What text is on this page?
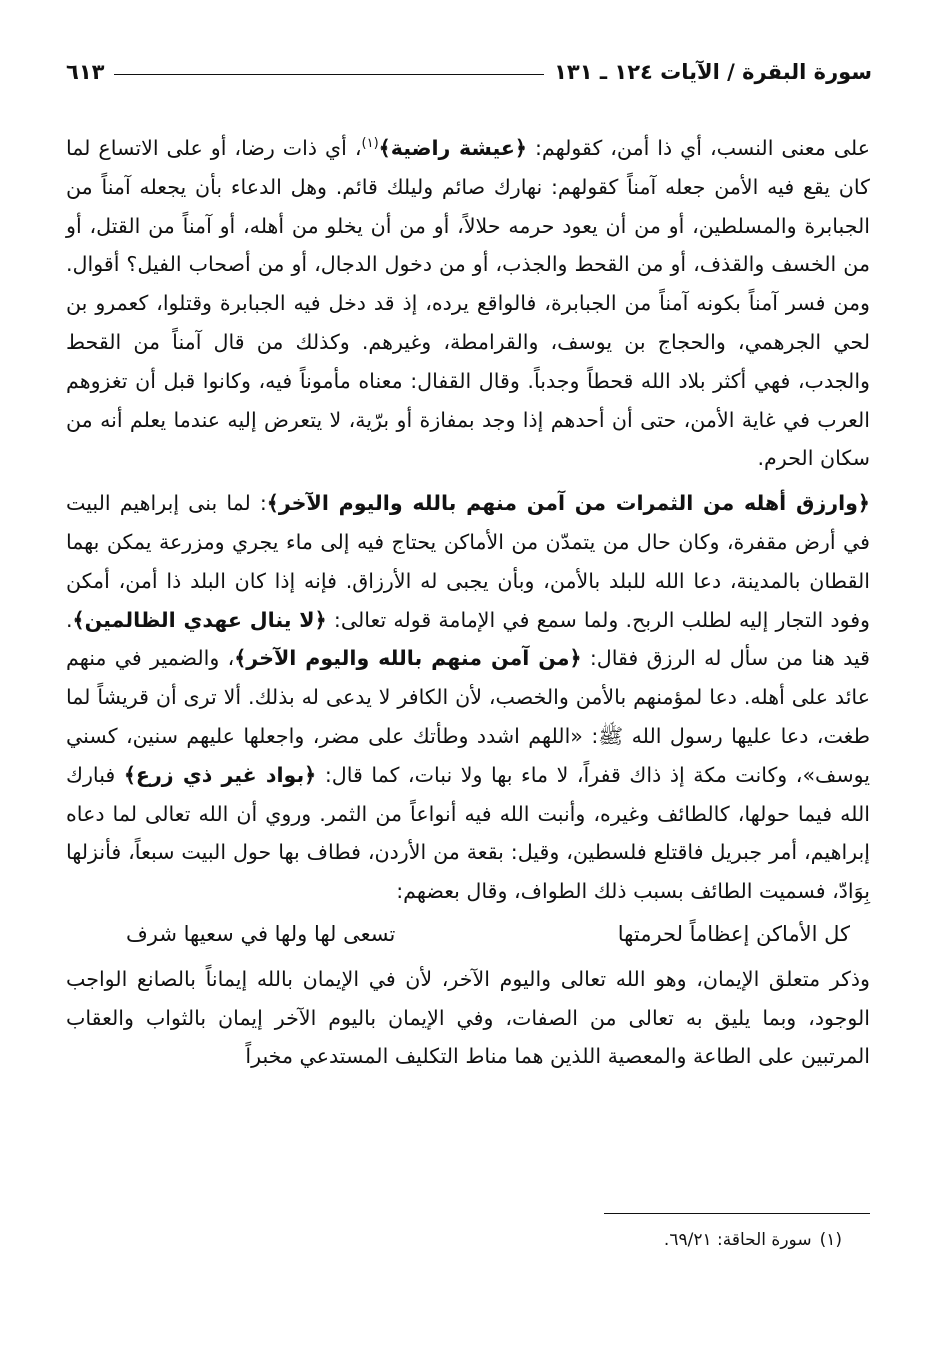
سورة البقرة / الآيات ١٢٤ ـ ١٣١
٦١٣

على معنى النسب، أي ذا أمن، كقولهم: ﴿عيشة راضية﴾$^{(١)}$، أي ذات رضا، أو على الاتساع لما كان يقع فيه الأمن جعله آمناً كقولهم: نهارك صائم وليلك قائم. وهل الدعاء بأن يجعله آمناً من الجبابرة والمسلطين، أو من أن يعود حرمه حلالاً، أو من أن يخلو من أهله، أو آمناً من القتل، أو من الخسف والقذف، أو من القحط والجذب، أو من دخول الدجال، أو من أصحاب الفيل؟ أقوال. ومن فسر آمناً بكونه آمناً من الجبابرة، فالواقع يرده، إذ قد دخل فيه الجبابرة وقتلوا، كعمرو بن لحي الجرهمي، والحجاج بن يوسف، والقرامطة، وغيرهم. وكذلك من قال آمناً من القحط والجدب، فهي أكثر بلاد الله قحطاً وجدباً. وقال القفال: معناه مأموناً فيه، وكانوا قبل أن تغزوهم العرب في غاية الأمن، حتى أن أحدهم إذا وجد بمفازة أو برّية، لا يتعرض إليه عندما يعلم أنه من سكان الحرم.

﴿وارزق أهله من الثمرات من آمن منهم بالله واليوم الآخر﴾: لما بنى إبراهيم البيت في أرض مقفرة، وكان حال من يتمدّن من الأماكن يحتاج فيه إلى ماء يجري ومزرعة يمكن بهما القطان بالمدينة، دعا الله للبلد بالأمن، وبأن يجبى له الأرزاق. فإنه إذا كان البلد ذا أمن، أمكن وفود التجار إليه لطلب الربح. ولما سمع في الإمامة قوله تعالى: ﴿لا ينال عهدي الظالمين﴾. قيد هنا من سأل له الرزق فقال: ﴿من آمن منهم بالله واليوم الآخر﴾، والضمير في منهم عائد على أهله. دعا لمؤمنهم بالأمن والخصب، لأن الكافر لا يدعى له بذلك. ألا ترى أن قريشاً لما طغت، دعا عليها رسول الله ﷺ: «اللهم اشدد وطأتك على مضر، واجعلها عليهم سنين، كسني يوسف»، وكانت مكة إذ ذاك قفراً، لا ماء بها ولا نبات، كما قال: ﴿بواد غير ذي زرع﴾ فبارك الله فيما حولها، كالطائف وغيره، وأنبت الله فيه أنواعاً من الثمر. وروي أن الله تعالى لما دعاه إبراهيم، أمر جبريل فاقتلع فلسطين، وقيل: بقعة من الأردن، فطاف بها حول البيت سبعاً، فأنزلها بِوَادّ، فسميت الطائف بسبب ذلك الطواف، وقال بعضهم:

كل الأماكن إعظاماً لحرمتها
تسعى لها ولها في سعيها شرف

وذكر متعلق الإيمان، وهو الله تعالى واليوم الآخر، لأن في الإيمان بالله إيماناً بالصانع الواجب الوجود، وبما يليق به تعالى من الصفات، وفي الإيمان باليوم الآخر إيمان بالثواب والعقاب المرتبين على الطاعة والمعصية اللذين هما مناط التكليف المستدعي مخبراً

(١)سورة الحاقة: ٦٩/٢١.
